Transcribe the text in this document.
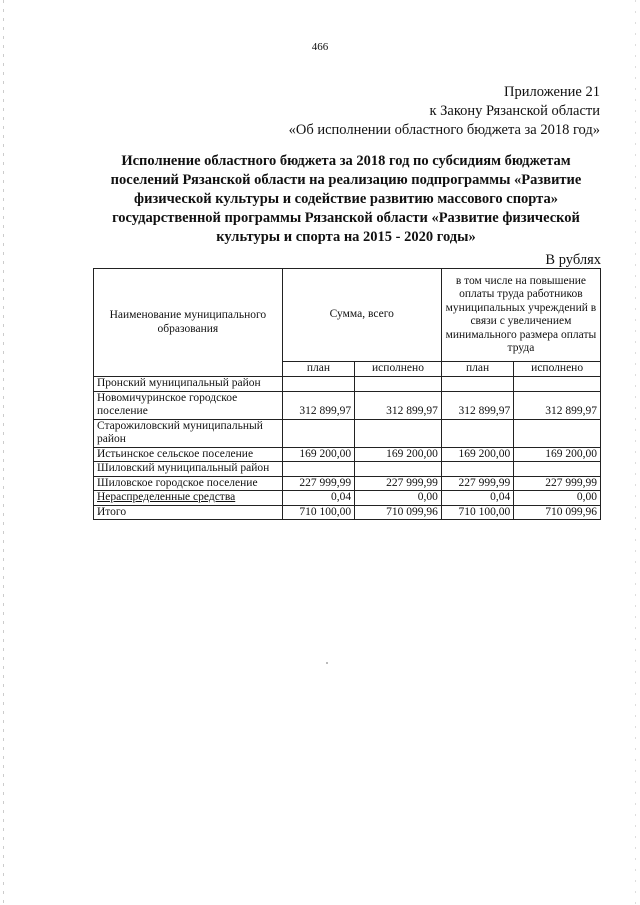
466
Приложение 21
к Закону Рязанской области
«Об исполнении областного бюджета за 2018 год»
Исполнение областного бюджета за 2018 год по субсидиям бюджетам
поселений Рязанской области на реализацию подпрограммы «Развитие
физической культуры и содействие развитию массового спорта»
государственной программы Рязанской области «Развитие физической
культуры и спорта на 2015 - 2020 годы»
В рублях
Наименование муниципального образования	Сумма, всего		в том числе на повышение оплаты труда работников муниципальных учреждений в связи с увеличением минимального размера оплаты труда	
	план	исполнено	план	исполнено
Пронский муниципальный район				
Новомичуринское городское поселение	312 899,97	312 899,97	312 899,97	312 899,97
Старожиловский муниципальный район				
Истьинское сельское поселение	169 200,00	169 200,00	169 200,00	169 200,00
Шиловский муниципальный район				
Шиловское городское поселение	227 999,99	227 999,99	227 999,99	227 999,99
Нераспределенные средства	0,04	0,00	0,04	0,00
Итого	710 100,00	710 099,96	710 100,00	710 099,96
